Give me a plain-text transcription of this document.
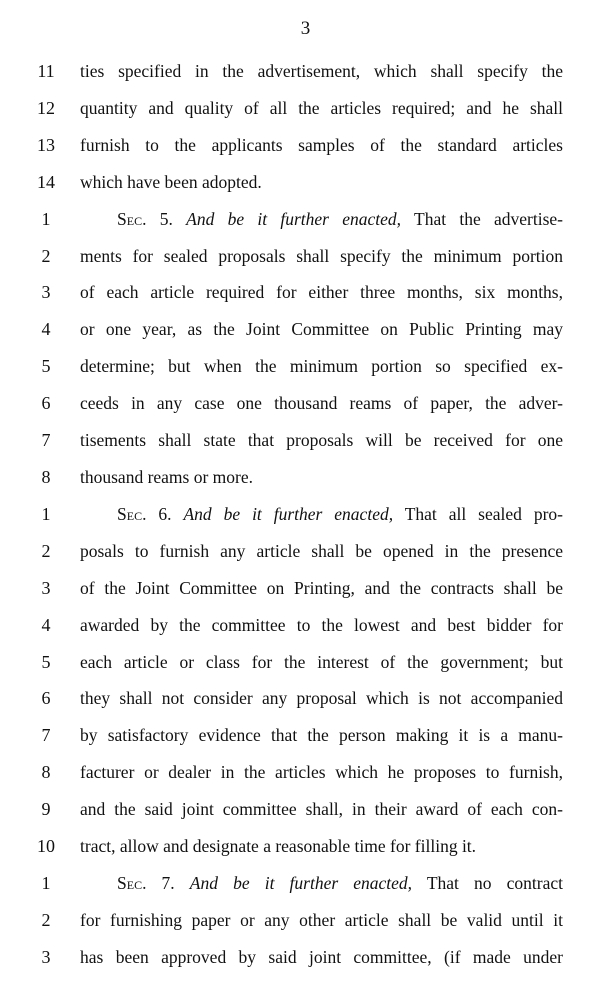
3
11	ties specified in the advertisement, which shall specify the
12	quantity and quality of all the articles required; and he shall
13	furnish to the applicants samples of the standard articles
14	which have been adopted.
1	Sec. 5. And be it further enacted, That the advertise-
2	ments for sealed proposals shall specify the minimum portion
3	of each article required for either three months, six months,
4	or one year, as the Joint Committee on Public Printing may
5	determine; but when the minimum portion so specified ex-
6	ceeds in any case one thousand reams of paper, the adver-
7	tisements shall state that proposals will be received for one
8	thousand reams or more.
1	Sec. 6. And be it further enacted, That all sealed pro-
2	posals to furnish any article shall be opened in the presence
3	of the Joint Committee on Printing, and the contracts shall be
4	awarded by the committee to the lowest and best bidder for
5	each article or class for the interest of the government; but
6	they shall not consider any proposal which is not accompanied
7	by satisfactory evidence that the person making it is a manu-
8	facturer or dealer in the articles which he proposes to furnish,
9	and the said joint committee shall, in their award of each con-
10	tract, allow and designate a reasonable time for filling it.
1	Sec. 7. And be it further enacted, That no contract
2	for furnishing paper or any other article shall be valid until it
3	has been approved by said joint committee, (if made under
